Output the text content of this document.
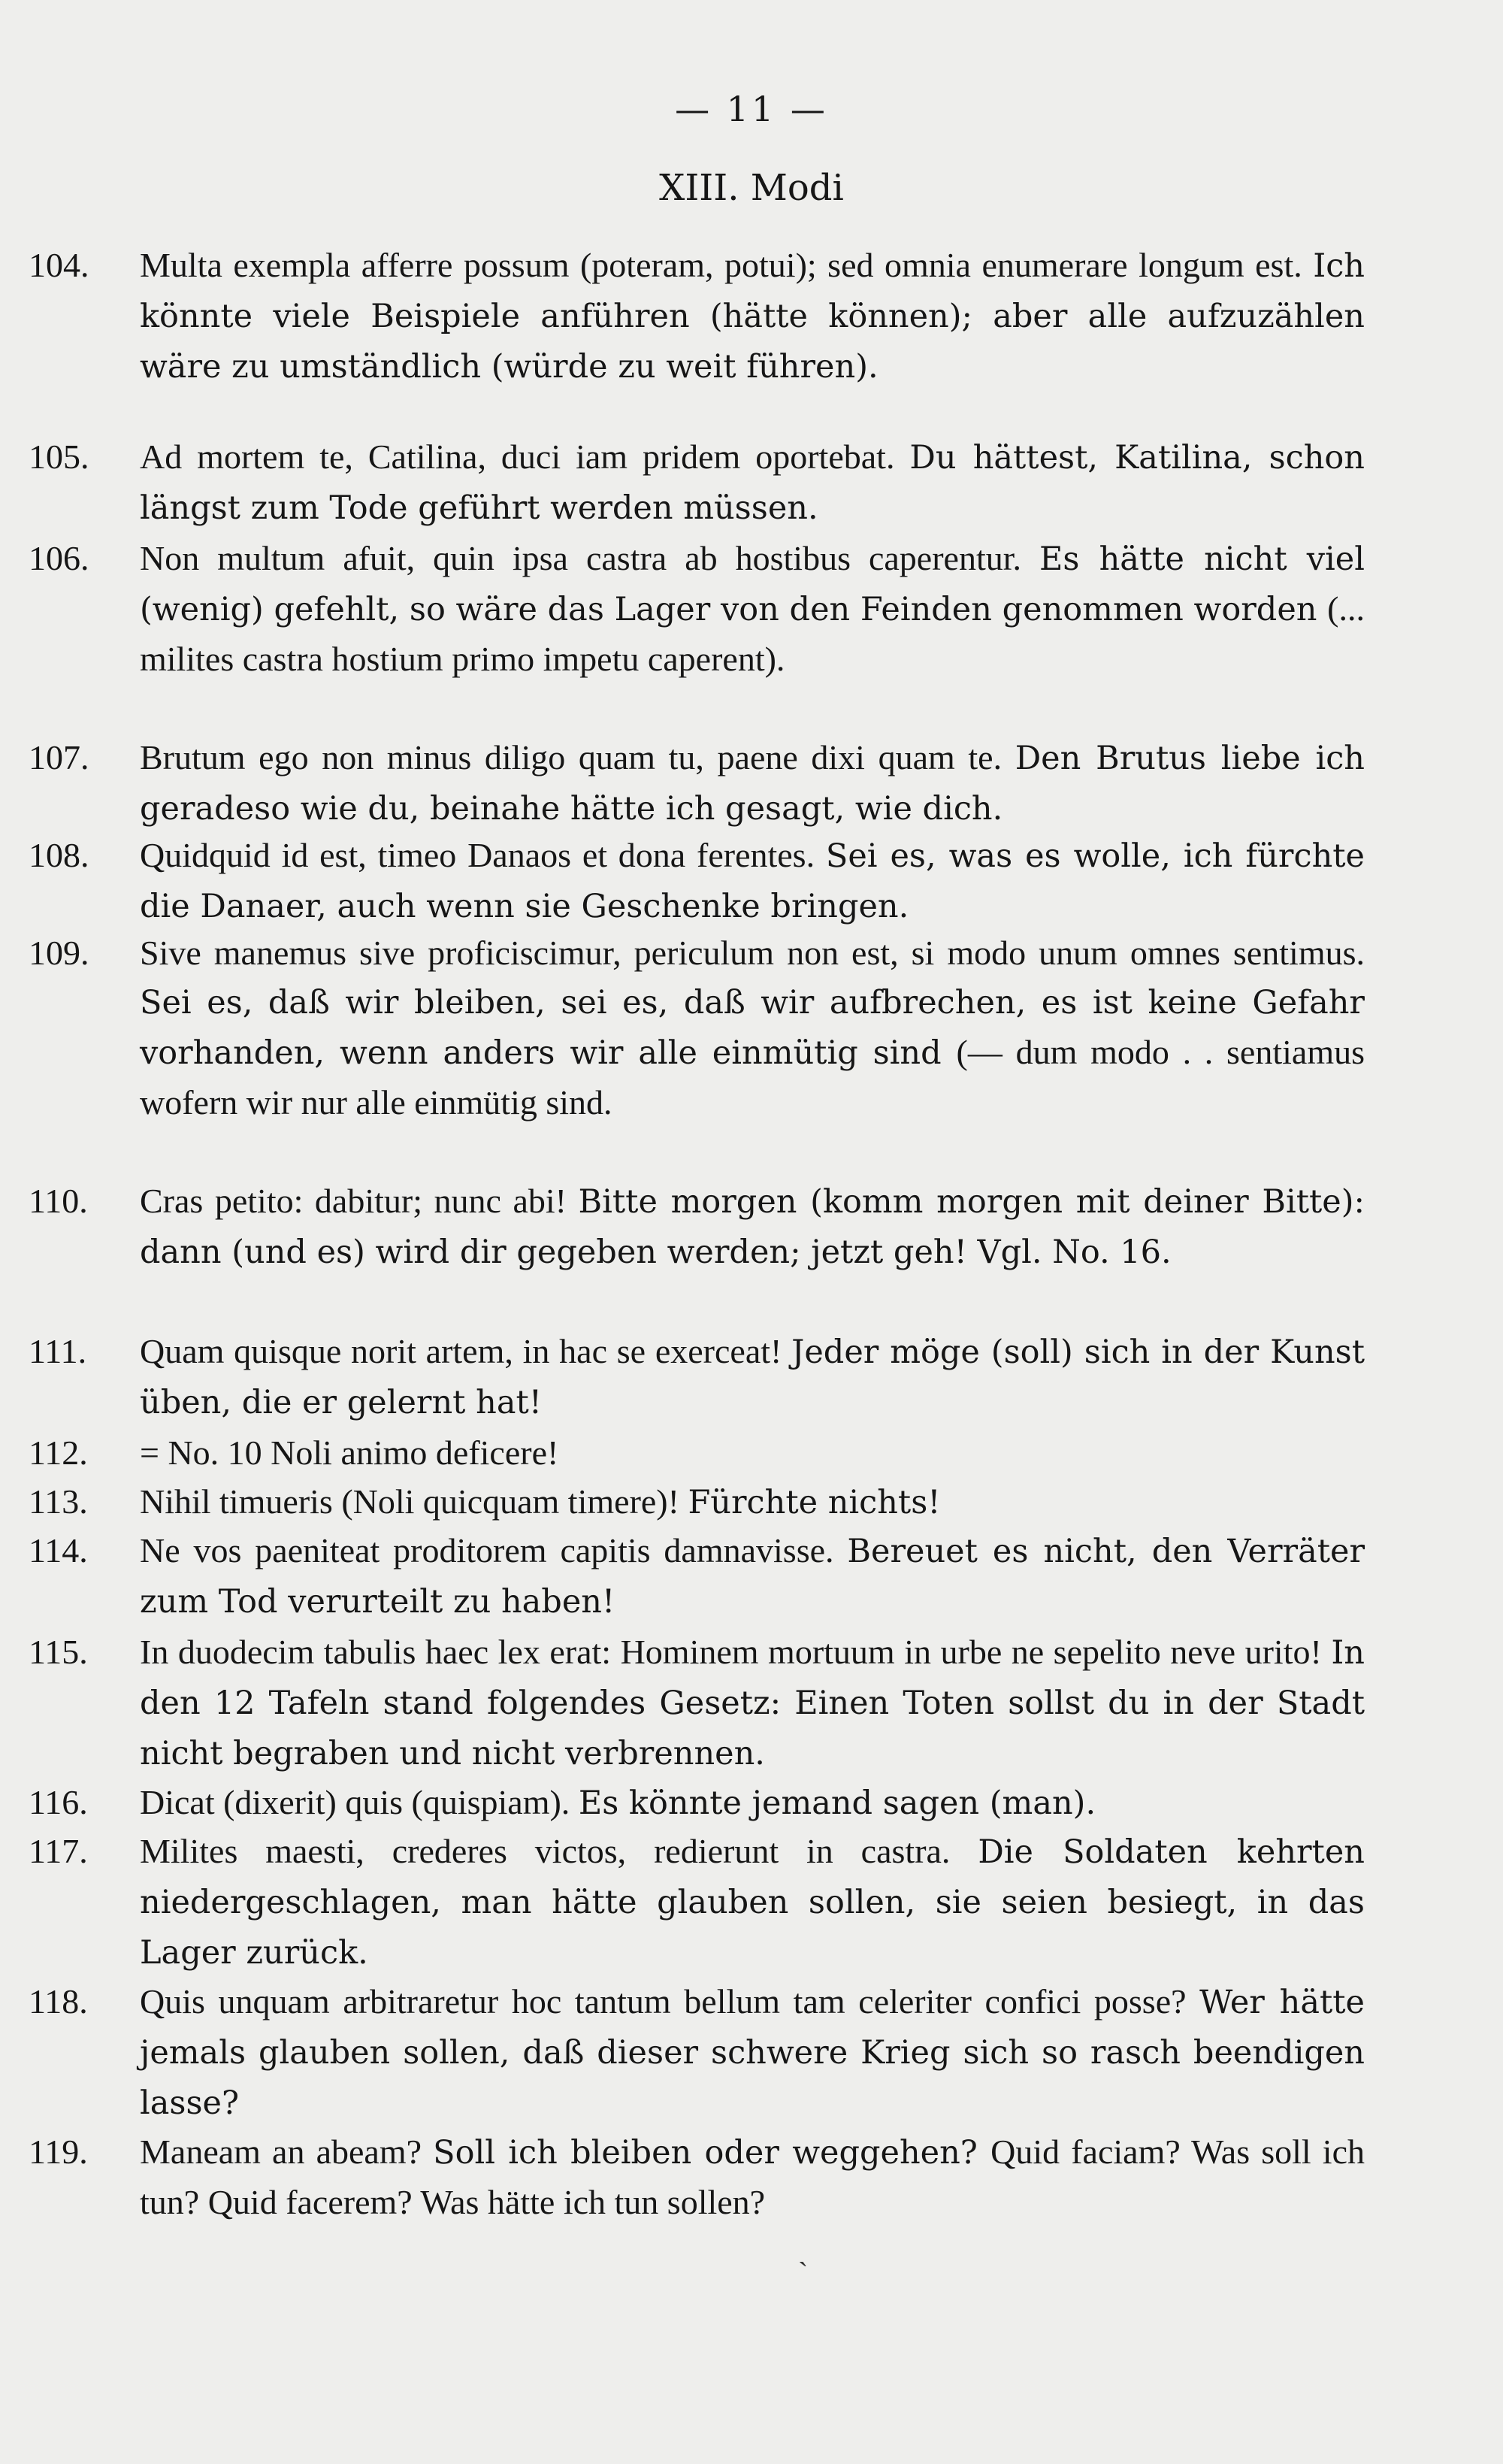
— 11 —
XIII. Modi
104. Multa exempla afferre possum (poteram, potui); sed omnia enumerare longum est. Ich könnte viele Beispiele anführen (hätte können); aber alle aufzuzählen wäre zu umständlich (würde zu weit führen).
105. Ad mortem te, Catilina, duci iam pridem oportebat. Du hättest, Katilina, schon längst zum Tode geführt werden müssen.
106. Non multum afuit, quin ipsa castra ab hostibus caperentur. Es hätte nicht viel (wenig) gefehlt, so wäre das Lager von den Feinden genommen worden (... milites castra hostium primo impetu caperent).
107. Brutum ego non minus diligo quam tu, paene dixi quam te. Den Brutus liebe ich geradeso wie du, beinahe hätte ich gesagt, wie dich.
108. Quidquid id est, timeo Danaos et dona ferentes. Sei es, was es wolle, ich fürchte die Danaer, auch wenn sie Geschenke bringen.
109. Sive manemus sive proficiscimur, periculum non est, si modo unum omnes sentimus. Sei es, daß wir bleiben, sei es, daß wir aufbrechen, es ist keine Gefahr vorhanden, wenn anders wir alle einmütig sind (— dum modo . . sentiamus wofern wir nur alle einmütig sind.
110. Cras petito: dabitur; nunc abi! Bitte morgen (komm morgen mit deiner Bitte): dann (und es) wird dir gegeben werden; jetzt geh! Vgl. No. 16.
111. Quam quisque norit artem, in hac se exerceat! Jeder möge (soll) sich in der Kunst üben, die er gelernt hat!
112. = No. 10 Noli animo deficere!
113. Nihil timueris (Noli quicquam timere)! Fürchte nichts!
114. Ne vos paeniteat proditorem capitis damnavisse. Bereuet es nicht, den Verräter zum Tod verurteilt zu haben!
115. In duodecim tabulis haec lex erat: Hominem mortuum in urbe ne sepelito neve urito! In den 12 Tafeln stand folgendes Gesetz: Einen Toten sollst du in der Stadt nicht begraben und nicht verbrennen.
116. Dicat (dixerit) quis (quispiam). Es könnte jemand sagen (man).
117. Milites maesti, crederes victos, redierunt in castra. Die Soldaten kehrten niedergeschlagen, man hätte glauben sollen, sie seien besiegt, in das Lager zurück.
118. Quis unquam arbitraretur hoc tantum bellum tam celeriter confici posse? Wer hätte jemals glauben sollen, daß dieser schwere Krieg sich so rasch beendigen lasse?
119. Maneam an abeam? Soll ich bleiben oder weggehen? Quid faciam? Was soll ich tun? Quid facerem? Was hätte ich tun sollen?
`
